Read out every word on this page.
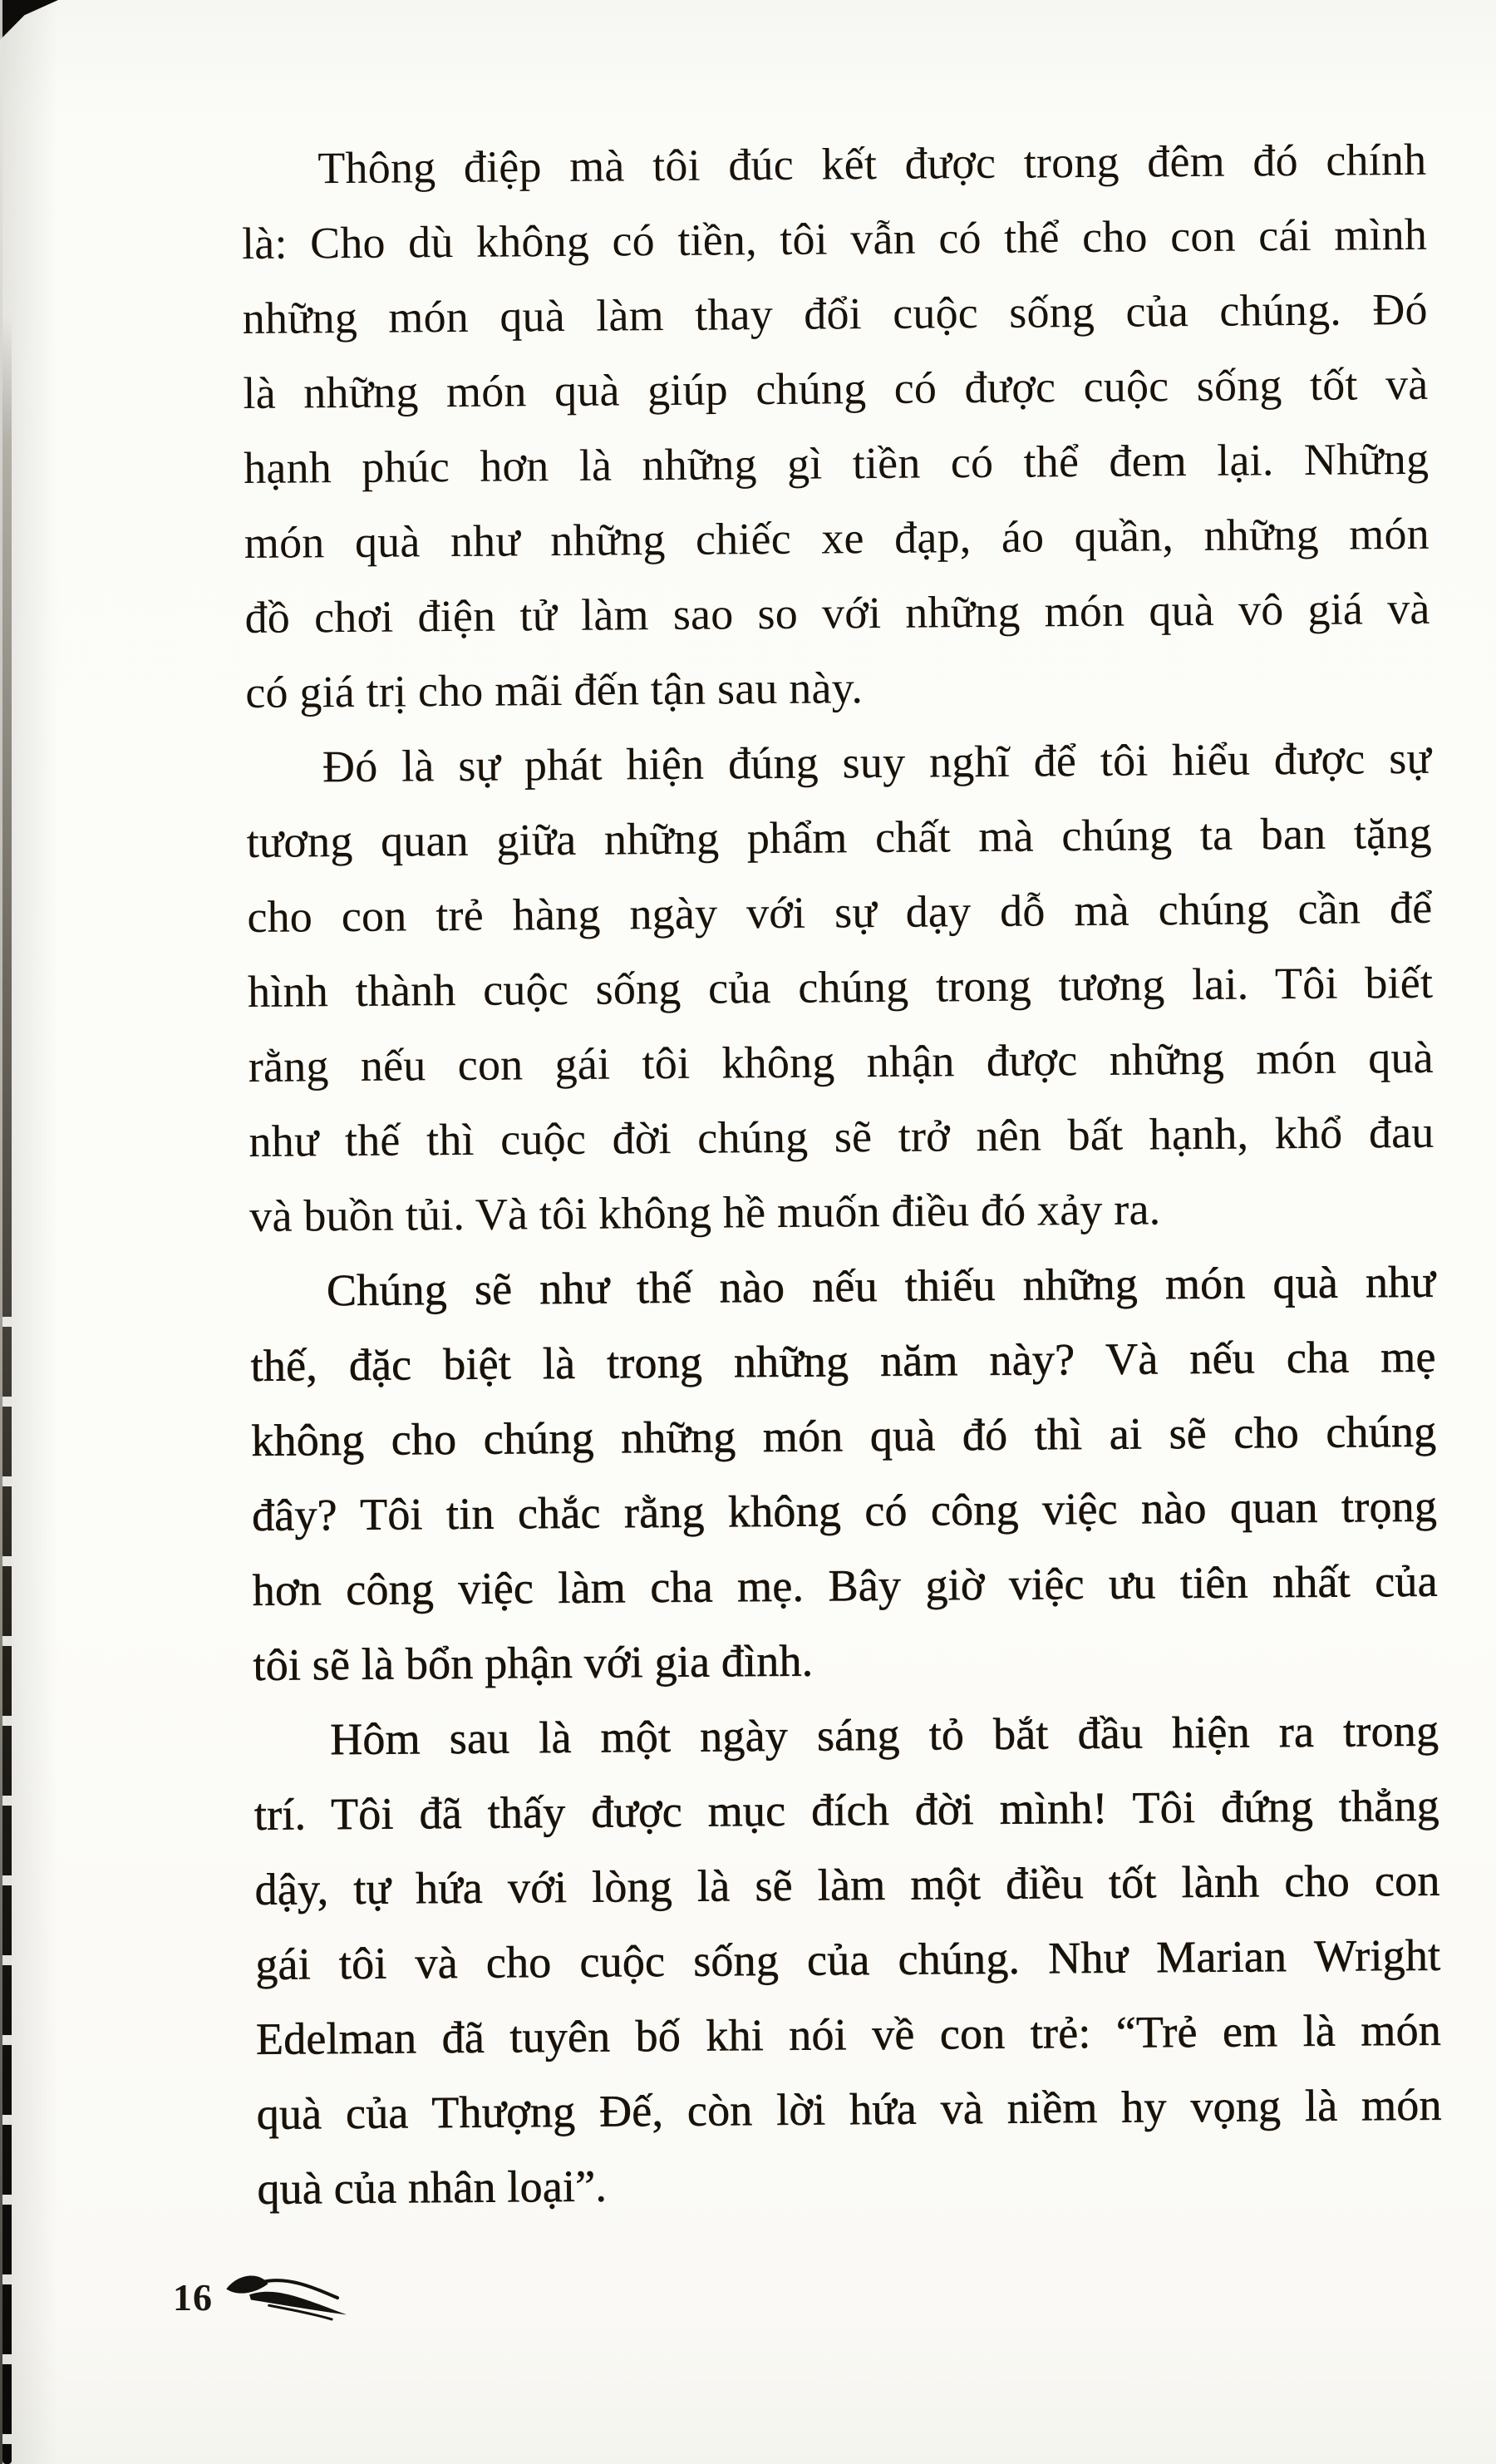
Thông điệp mà tôi đúc kết được trong đêm đó chính
là: Cho dù không có tiền, tôi vẫn có thể cho con cái mình
những món quà làm thay đổi cuộc sống của chúng. Đó
là những món quà giúp chúng có được cuộc sống tốt và
hạnh phúc hơn là những gì tiền có thể đem lại. Những
món quà như những chiếc xe đạp, áo quần, những món
đồ chơi điện tử làm sao so với những món quà vô giá và
có giá trị cho mãi đến tận sau này.
Đó là sự phát hiện đúng suy nghĩ để tôi hiểu được sự
tương quan giữa những phẩm chất mà chúng ta ban tặng
cho con trẻ hàng ngày với sự dạy dỗ mà chúng cần để
hình thành cuộc sống của chúng trong tương lai. Tôi biết
rằng nếu con gái tôi không nhận được những món quà
như thế thì cuộc đời chúng sẽ trở nên bất hạnh, khổ đau
và buồn tủi. Và tôi không hề muốn điều đó xảy ra.
Chúng sẽ như thế nào nếu thiếu những món quà như
thế, đặc biệt là trong những năm này? Và nếu cha mẹ
không cho chúng những món quà đó thì ai sẽ cho chúng
đây? Tôi tin chắc rằng không có công việc nào quan trọng
hơn công việc làm cha mẹ. Bây giờ việc ưu tiên nhất của
tôi sẽ là bổn phận với gia đình.
Hôm sau là một ngày sáng tỏ bắt đầu hiện ra trong
trí. Tôi đã thấy được mục đích đời mình! Tôi đứng thẳng
dậy, tự hứa với lòng là sẽ làm một điều tốt lành cho con
gái tôi và cho cuộc sống của chúng. Như Marian Wright
Edelman đã tuyên bố khi nói về con trẻ: “Trẻ em là món
quà của Thượng Đế, còn lời hứa và niềm hy vọng là món
quà của nhân loại”.
16
